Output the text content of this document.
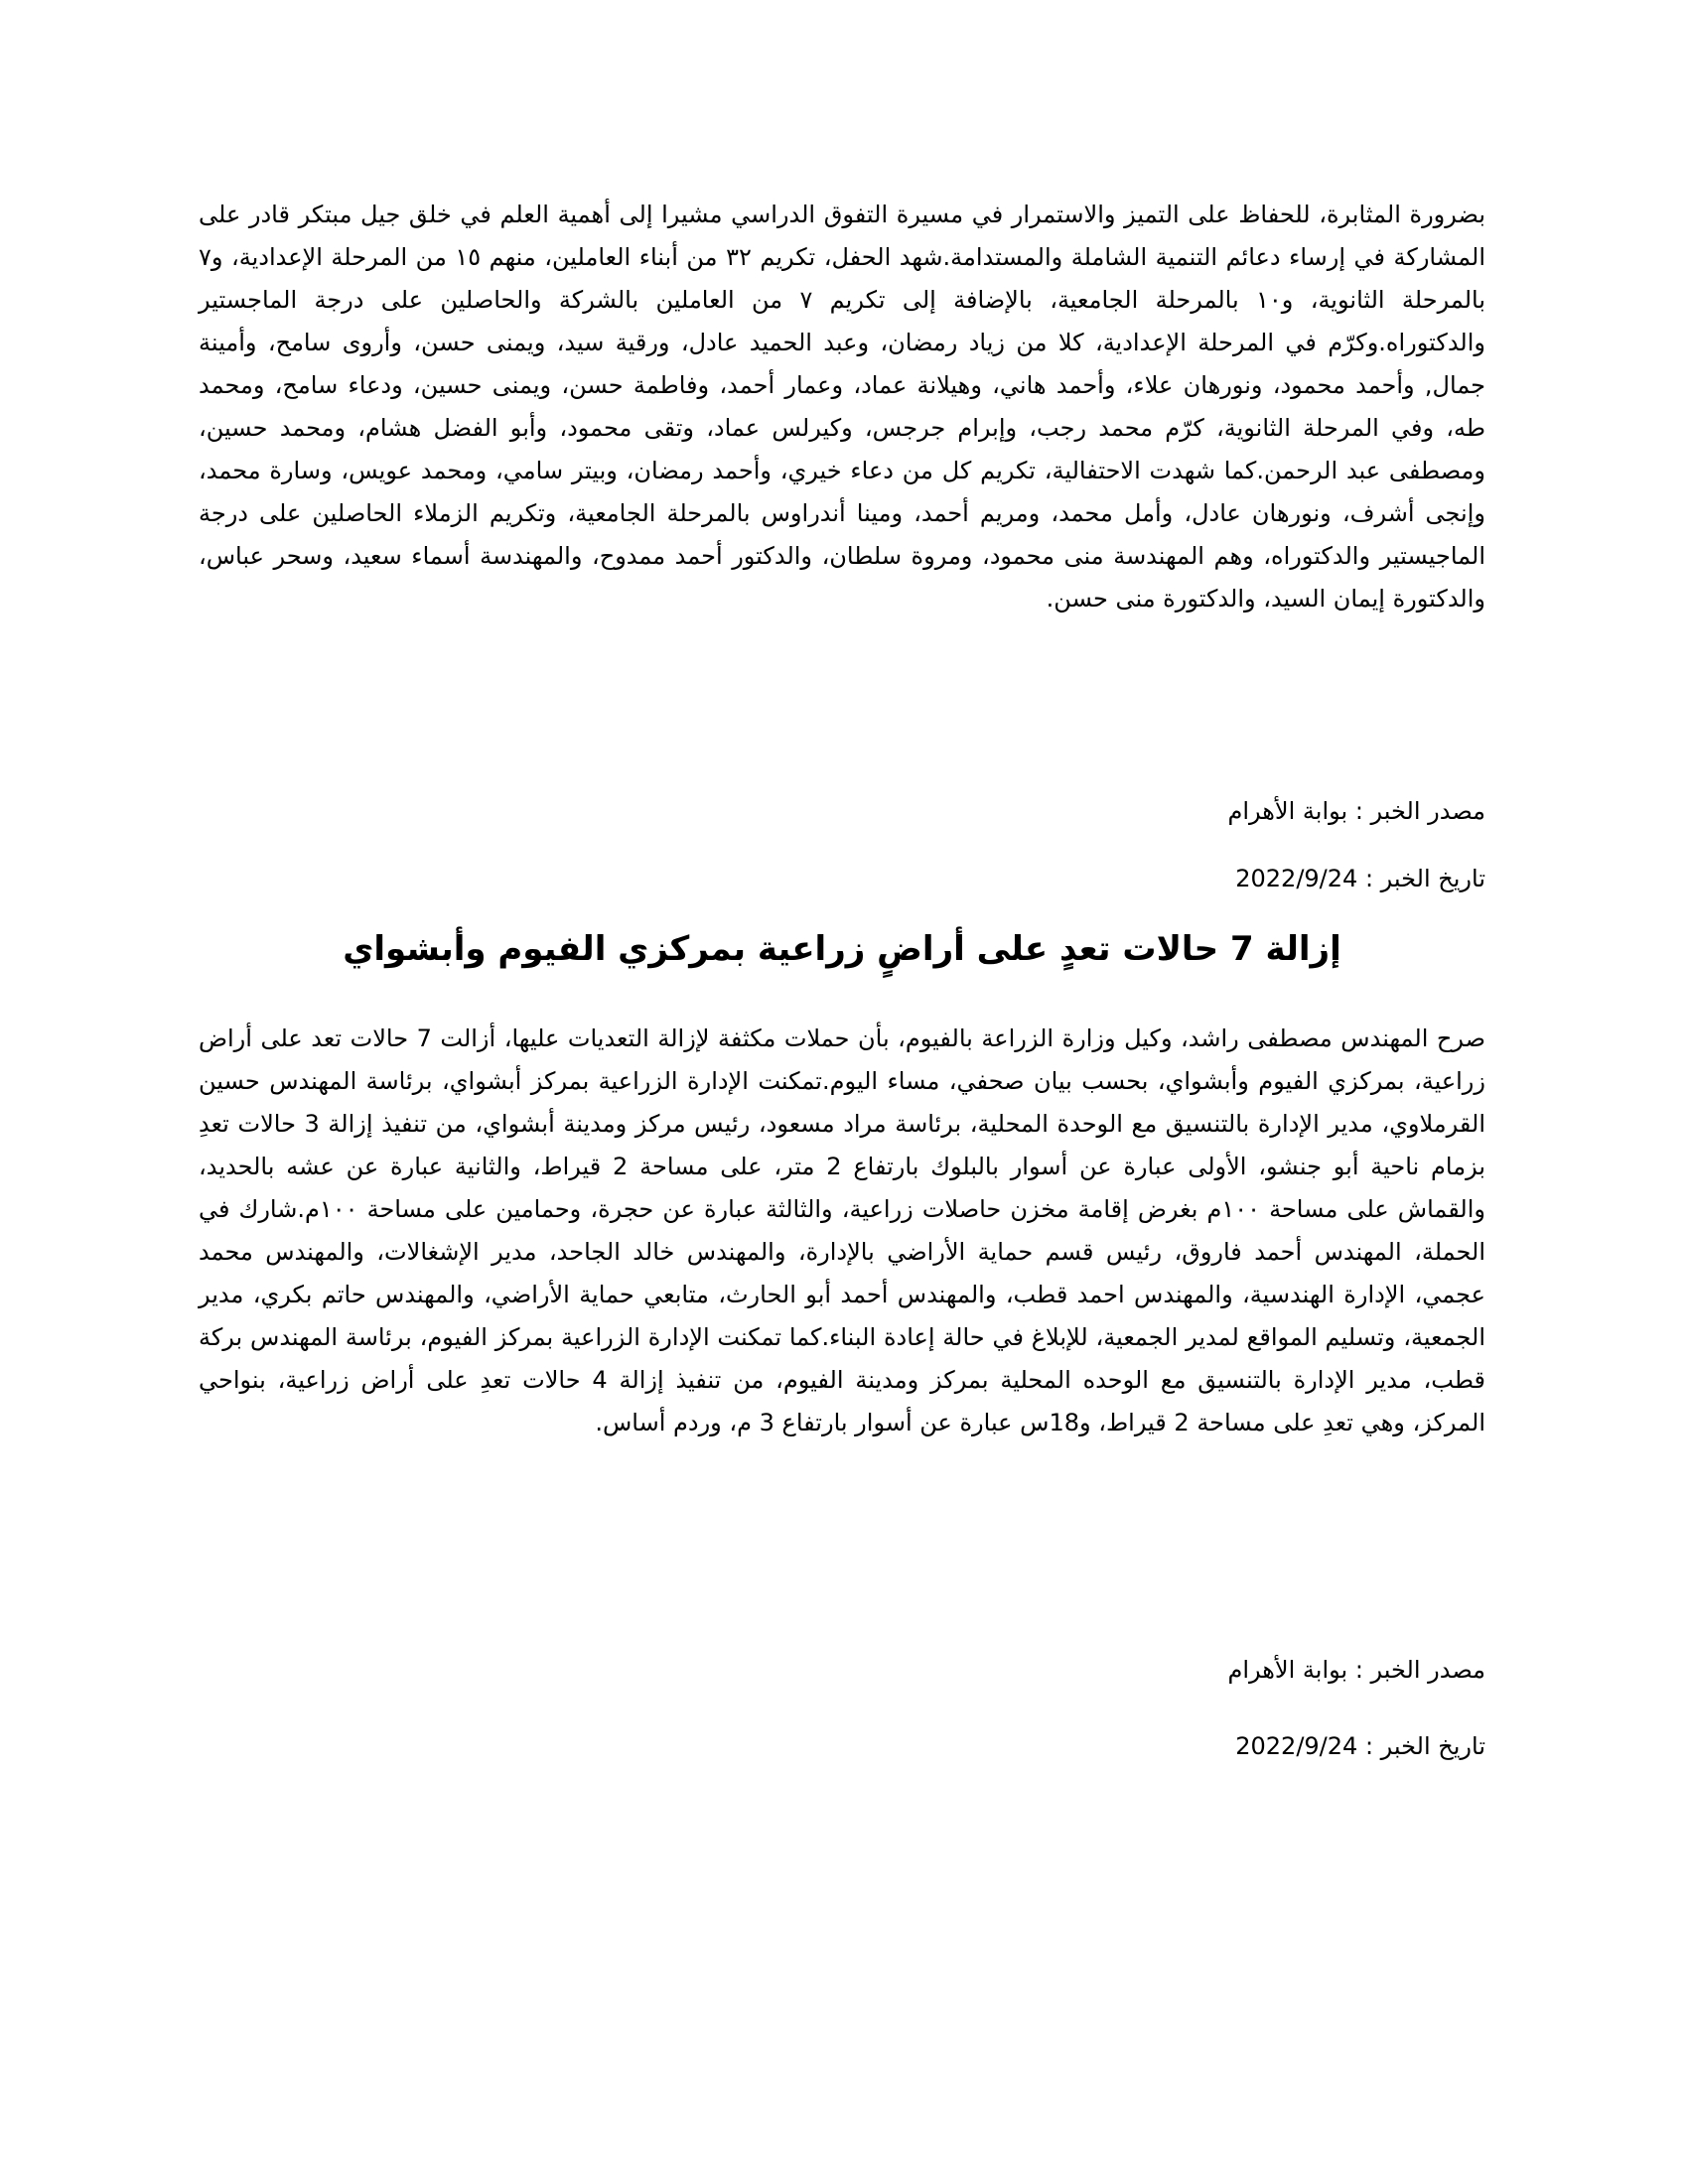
بضرورة المثابرة، للحفاظ على التميز والاستمرار في مسيرة التفوق الدراسي مشيرا إلى أهمية العلم في خلق جيل مبتكر قادر على المشاركة في إرساء دعائم التنمية الشاملة والمستدامة.شهد الحفل، تكريم ٣٢ من أبناء العاملين، منهم ١٥ من المرحلة الإعدادية، و٧ بالمرحلة الثانوية، و١٠ بالمرحلة الجامعية، بالإضافة إلى تكريم ٧ من العاملين بالشركة والحاصلين على درجة الماجستير والدكتوراه.وكرّم في المرحلة الإعدادية، كلا من زياد رمضان، وعبد الحميد عادل، ورقية سيد، ويمنى حسن، وأروى سامح، وأمينة جمال, وأحمد محمود، ونورهان علاء، وأحمد هاني، وهيلانة عماد، وعمار أحمد، وفاطمة حسن، ويمنى حسين، ودعاء سامح، ومحمد طه، وفي المرحلة الثانوية، كرّم محمد رجب، وإبرام جرجس، وكيرلس عماد، وتقى محمود، وأبو الفضل هشام، ومحمد حسين، ومصطفى عبد الرحمن.كما شهدت الاحتفالية، تكريم كل من دعاء خيري، وأحمد رمضان، وبيتر سامي، ومحمد عويس، وسارة محمد، وإنجى أشرف، ونورهان عادل، وأمل محمد، ومريم أحمد، ومينا أندراوس بالمرحلة الجامعية، وتكريم الزملاء الحاصلين على درجة الماجيستير والدكتوراه، وهم المهندسة منى محمود، ومروة سلطان، والدكتور أحمد ممدوح، والمهندسة أسماء سعيد، وسحر عباس، والدكتورة إيمان السيد، والدكتورة منى حسن.

مصدر الخبر : بوابة الأهرام

تاريخ الخبر : 2022/9/24

إزالة 7 حالات تعدٍ على أراضٍ زراعية بمركزي الفيوم وأبشواي

صرح المهندس مصطفى راشد، وكيل وزارة الزراعة بالفيوم، بأن حملات مكثفة لإزالة التعديات عليها، أزالت 7 حالات تعد على أراض زراعية، بمركزي الفيوم وأبشواي، بحسب بيان صحفي، مساء اليوم.تمكنت الإدارة الزراعية بمركز أبشواي، برئاسة المهندس حسين القرملاوي، مدير الإدارة بالتنسيق مع الوحدة المحلية، برئاسة مراد مسعود، رئيس مركز ومدينة أبشواي، من تنفيذ إزالة 3 حالات تعدِ بزمام ناحية أبو جنشو، الأولى عبارة عن أسوار بالبلوك بارتفاع 2 متر، على مساحة 2 قيراط، والثانية عبارة عن عشه بالحديد، والقماش على مساحة ١٠٠م بغرض إقامة مخزن حاصلات زراعية، والثالثة عبارة عن حجرة، وحمامين على مساحة ١٠٠م.شارك في الحملة، المهندس أحمد فاروق، رئيس قسم حماية الأراضي بالإدارة، والمهندس خالد الجاحد، مدير الإشغالات، والمهندس محمد عجمي، الإدارة الهندسية، والمهندس احمد قطب، والمهندس أحمد أبو الحارث، متابعي حماية الأراضي، والمهندس حاتم بكري، مدير الجمعية، وتسليم المواقع لمدير الجمعية، للإبلاغ في حالة إعادة البناء.كما تمكنت الإدارة الزراعية بمركز الفيوم، برئاسة المهندس بركة قطب، مدير الإدارة بالتنسيق مع الوحده المحلية بمركز ومدينة الفيوم، من تنفيذ إزالة 4 حالات تعدِ على أراض زراعية، بنواحي المركز، وهي تعدِ على مساحة 2 قيراط، و18س عبارة عن أسوار بارتفاع 3 م، وردم أساس.

مصدر الخبر : بوابة الأهرام

تاريخ الخبر : 2022/9/24
